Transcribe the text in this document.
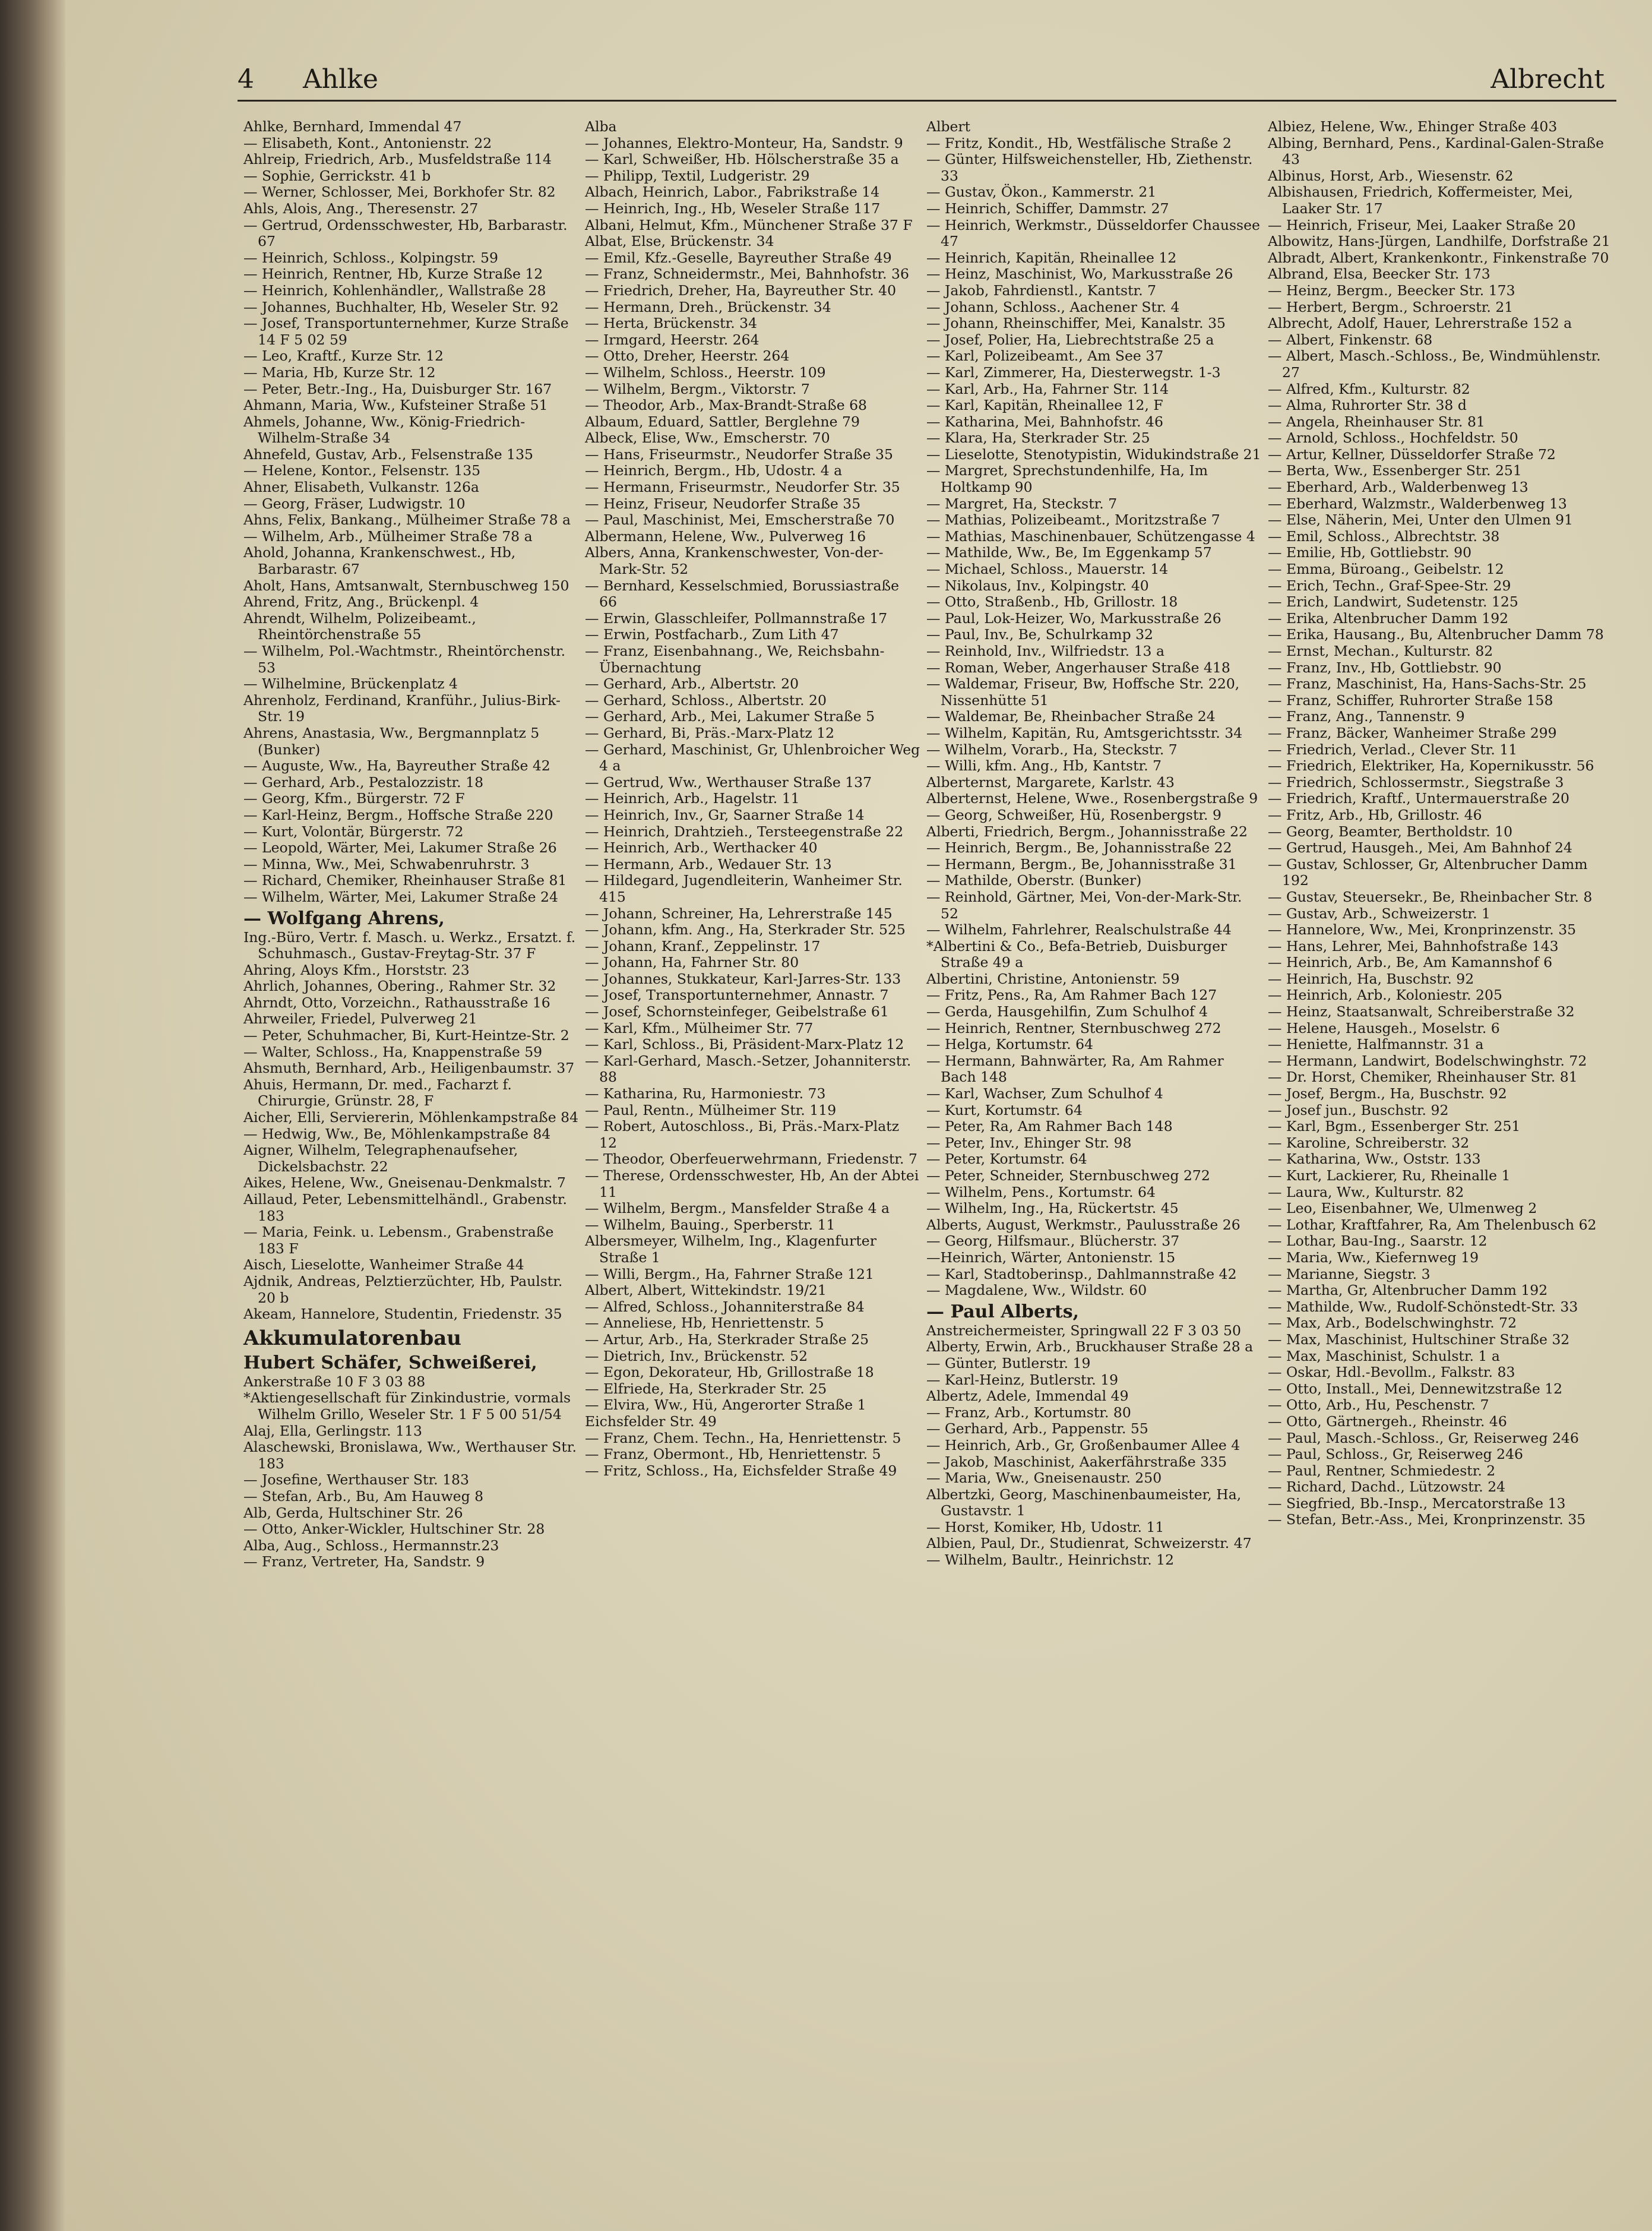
4 Ahlke	Albrecht

Ahlke, Bernhard, Immendal 47

— Elisabeth, Kont., Antonienstr. 22

Ahlreip, Friedrich, Arb., Musfeldstraße 114

— Sophie, Gerrickstr. 41 b

— Werner, Schlosser, Mei, Borkhofer Str. 82

Ahls, Alois, Ang., Theresenstr. 27

— Gertrud, Ordensschwester, Hb, Barbarastr. 67

— Heinrich, Schloss., Kolpingstr. 59

— Heinrich, Rentner, Hb, Kurze Straße 12

— Heinrich, Kohlenhändler,, Wallstraße 28

— Johannes, Buchhalter, Hb, Weseler Str. 92

— Josef, Transportunternehmer, Kurze Straße 14 F 5 02 59

— Leo, Kraftf., Kurze Str. 12

— Maria, Hb, Kurze Str. 12

— Peter, Betr.-Ing., Ha, Duisburger Str. 167

Ahmann, Maria, Ww., Kufsteiner Straße 51

Ahmels, Johanne, Ww., König-Friedrich-Wilhelm-Straße 34

Ahnefeld, Gustav, Arb., Felsenstraße 135

— Helene, Kontor., Felsenstr. 135

Ahner, Elisabeth, Vulkanstr. 126a

— Georg, Fräser, Ludwigstr. 10

Ahns, Felix, Bankang., Mülheimer Straße 78 a

— Wilhelm, Arb., Mülheimer Straße 78 a

Ahold, Johanna, Krankenschwest., Hb, Barbarastr. 67

Aholt, Hans, Amtsanwalt, Sternbuschweg 150

Ahrend, Fritz, Ang., Brückenpl. 4

Ahrendt, Wilhelm, Polizeibeamt., Rheintörchenstraße 55

— Wilhelm, Pol.-Wachtmstr., Rheintörchenstr. 53

— Wilhelmine, Brückenplatz 4

Ahrenholz, Ferdinand, Kranführ., Julius-Birk-Str. 19

Ahrens, Anastasia, Ww., Bergmannplatz 5 (Bunker)

— Auguste, Ww., Ha, Bayreuther Straße 42

— Gerhard, Arb., Pestalozzistr. 18

— Georg, Kfm., Bürgerstr. 72 F

— Karl-Heinz, Bergm., Hoffsche Straße 220

— Kurt, Volontär, Bürgerstr. 72

— Leopold, Wärter, Mei, Lakumer Straße 26

— Minna, Ww., Mei, Schwabenruhrstr. 3

— Richard, Chemiker, Rheinhauser Straße 81

— Wilhelm, Wärter, Mei, Lakumer Straße 24

— Wolfgang Ahrens,

Ing.-Büro, Vertr. f. Masch. u. Werkz., Ersatzt. f. Schuhmasch., Gustav-Freytag-Str. 37 F

Ahring, Aloys Kfm., Horststr. 23

Ahrlich, Johannes, Obering., Rahmer Str. 32

Ahrndt, Otto, Vorzeichn., Rathausstraße 16

Ahrweiler, Friedel, Pulverweg 21

— Peter, Schuhmacher, Bi, Kurt-Heintze-Str. 2

— Walter, Schloss., Ha, Knappenstraße 59

Ahsmuth, Bernhard, Arb., Heiligenbaumstr. 37

Ahuis, Hermann, Dr. med., Facharzt f. Chirurgie, Grünstr. 28, F

Aicher, Elli, Serviererin, Möhlenkampstraße 84

— Hedwig, Ww., Be, Möhlenkampstraße 84

Aigner, Wilhelm, Telegraphenaufseher, Dickelsbachstr. 22

Aikes, Helene, Ww., Gneisenau-Denkmalstr. 7

Aillaud, Peter, Lebensmittelhändl., Grabenstr. 183

— Maria, Feink. u. Lebensm., Grabenstraße 183 F

Aisch, Lieselotte, Wanheimer Straße 44

Ajdnik, Andreas, Pelztierzüchter, Hb, Paulstr. 20 b

Akeam, Hannelore, Studentin, Friedenstr. 35

Akkumulatorenbau

Hubert Schäfer, Schweißerei,

Ankerstraße 10 F 3 03 88

*Aktiengesellschaft für Zinkindustrie, vormals Wilhelm Grillo, Weseler Str. 1 F 5 00 51/54

Alaj, Ella, Gerlingstr. 113

Alaschewski, Bronislawa, Ww., Werthauser Str. 183

— Josefine, Werthauser Str. 183

— Stefan, Arb., Bu, Am Hauweg 8

Alb, Gerda, Hultschiner Str. 26

— Otto, Anker-Wickler, Hultschiner Str. 28

Alba, Aug., Schloss., Hermannstr.23

— Franz, Vertreter, Ha, Sandstr. 9

Alba

— Johannes, Elektro-Monteur, Ha, Sandstr. 9

— Karl, Schweißer, Hb. Hölscherstraße 35 a

— Philipp, Textil, Ludgeristr. 29

Albach, Heinrich, Labor., Fabrikstraße 14

— Heinrich, Ing., Hb, Weseler Straße 117

Albani, Helmut, Kfm., Münchener Straße 37 F

Albat, Else, Brückenstr. 34

— Emil, Kfz.-Geselle, Bayreuther Straße 49

— Franz, Schneidermstr., Mei, Bahnhofstr. 36

— Friedrich, Dreher, Ha, Bayreuther Str. 40

— Hermann, Dreh., Brückenstr. 34

— Herta, Brückenstr. 34

— Irmgard, Heerstr. 264

— Otto, Dreher, Heerstr. 264

— Wilhelm, Schloss., Heerstr. 109

— Wilhelm, Bergm., Viktorstr. 7

— Theodor, Arb., Max-Brandt-Straße 68

Albaum, Eduard, Sattler, Berglehne 79

Albeck, Elise, Ww., Emscherstr. 70

— Hans, Friseurmstr., Neudorfer Straße 35

— Heinrich, Bergm., Hb, Udostr. 4 a

— Hermann, Friseurmstr., Neudorfer Str. 35

— Heinz, Friseur, Neudorfer Straße 35

— Paul, Maschinist, Mei, Emscherstraße 70

Albermann, Helene, Ww., Pulverweg 16

Albers, Anna, Krankenschwester, Von-der-Mark-Str. 52

— Bernhard, Kesselschmied, Borussiastraße 66

— Erwin, Glasschleifer, Pollmannstraße 17

— Erwin, Postfacharb., Zum Lith 47

— Franz, Eisenbahnang., We, Reichsbahn-Übernachtung

— Gerhard, Arb., Albertstr. 20

— Gerhard, Schloss., Albertstr. 20

— Gerhard, Arb., Mei, Lakumer Straße 5

— Gerhard, Bi, Präs.-Marx-Platz 12

— Gerhard, Maschinist, Gr, Uhlenbroicher Weg 4 a

— Gertrud, Ww., Werthauser Straße 137

— Heinrich, Arb., Hagelstr. 11

— Heinrich, Inv., Gr, Saarner Straße 14

— Heinrich, Drahtzieh., Tersteegenstraße 22

— Heinrich, Arb., Werthacker 40

— Hermann, Arb., Wedauer Str. 13

— Hildegard, Jugendleiterin, Wanheimer Str. 415

— Johann, Schreiner, Ha, Lehrerstraße 145

— Johann, kfm. Ang., Ha, Sterkrader Str. 525

— Johann, Kranf., Zeppelinstr. 17

— Johann, Ha, Fahrner Str. 80

— Johannes, Stukkateur, Karl-Jarres-Str. 133

— Josef, Transportunternehmer, Annastr. 7

— Josef, Schornsteinfeger, Geibelstraße 61

— Karl, Kfm., Mülheimer Str. 77

— Karl, Schloss., Bi, Präsident-Marx-Platz 12

— Karl-Gerhard, Masch.-Setzer, Johanniterstr. 88

— Katharina, Ru, Harmoniestr. 73

— Paul, Rentn., Mülheimer Str. 119

— Robert, Autoschloss., Bi, Präs.-Marx-Platz 12

— Theodor, Oberfeuerwehrmann, Friedenstr. 7

— Therese, Ordensschwester, Hb, An der Abtei 11

— Wilhelm, Bergm., Mansfelder Straße 4 a

— Wilhelm, Bauing., Sperberstr. 11

Albersmeyer, Wilhelm, Ing., Klagenfurter Straße 1

— Willi, Bergm., Ha, Fahrner Straße 121

Albert, Albert, Wittekindstr. 19/21

— Alfred, Schloss., Johanniterstraße 84

— Anneliese, Hb, Henriettenstr. 5

— Artur, Arb., Ha, Sterkrader Straße 25

— Dietrich, Inv., Brückenstr. 52

— Egon, Dekorateur, Hb, Grillostraße 18

— Elfriede, Ha, Sterkrader Str. 25

— Elvira, Ww., Hü, Angerorter Straße 1

Eichsfelder Str. 49

— Franz, Chem. Techn., Ha, Henriettenstr. 5

— Franz, Obermont., Hb, Henriettenstr. 5

— Fritz, Schloss., Ha, Eichsfelder Straße 49

Albert

— Fritz, Kondit., Hb, Westfälische Straße 2

— Günter, Hilfsweichensteller, Hb, Ziethenstr. 33

— Gustav, Ökon., Kammerstr. 21

— Heinrich, Schiffer, Dammstr. 27

— Heinrich, Werkmstr., Düsseldorfer Chaussee 47

— Heinrich, Kapitän, Rheinallee 12

— Heinz, Maschinist, Wo, Markusstraße 26

— Jakob, Fahrdienstl., Kantstr. 7

— Johann, Schloss., Aachener Str. 4

— Johann, Rheinschiffer, Mei, Kanalstr. 35

— Josef, Polier, Ha, Liebrechtstraße 25 a

— Karl, Polizeibeamt., Am See 37

— Karl, Zimmerer, Ha, Diesterwegstr. 1-3

— Karl, Arb., Ha, Fahrner Str. 114

— Karl, Kapitän, Rheinallee 12, F

— Katharina, Mei, Bahnhofstr. 46

— Klara, Ha, Sterkrader Str. 25

— Lieselotte, Stenotypistin, Widukindstraße 21

— Margret, Sprechstundenhilfe, Ha, Im Holtkamp 90

— Margret, Ha, Steckstr. 7

— Mathias, Polizeibeamt., Moritzstraße 7

— Mathias, Maschinenbauer, Schützengasse 4

— Mathilde, Ww., Be, Im Eggenkamp 57

— Michael, Schloss., Mauerstr. 14

— Nikolaus, Inv., Kolpingstr. 40

— Otto, Straßenb., Hb, Grillostr. 18

— Paul, Lok-Heizer, Wo, Markusstraße 26

— Paul, Inv., Be, Schulrkamp 32

— Reinhold, Inv., Wilfriedstr. 13 a

— Roman, Weber, Angerhauser Straße 418

— Waldemar, Friseur, Bw, Hoffsche Str. 220, Nissenhütte 51

— Waldemar, Be, Rheinbacher Straße 24

— Wilhelm, Kapitän, Ru, Amtsgerichtsstr. 34

— Wilhelm, Vorarb., Ha, Steckstr. 7

— Willi, kfm. Ang., Hb, Kantstr. 7

Alberternst, Margarete, Karlstr. 43

Alberternst, Helene, Wwe., Rosenbergstraße 9

— Georg, Schweißer, Hü, Rosenbergstr. 9

Alberti, Friedrich, Bergm., Johannisstraße 22

— Heinrich, Bergm., Be, Johannisstraße 22

— Hermann, Bergm., Be, Johannisstraße 31

— Mathilde, Oberstr. (Bunker)

— Reinhold, Gärtner, Mei, Von-der-Mark-Str. 52

— Wilhelm, Fahrlehrer, Realschulstraße 44

*Albertini & Co., Befa-Betrieb, Duisburger Straße 49 a

Albertini, Christine, Antonienstr. 59

— Fritz, Pens., Ra, Am Rahmer Bach 127

— Gerda, Hausgehilfin, Zum Schulhof 4

— Heinrich, Rentner, Sternbuschweg 272

— Helga, Kortumstr. 64

— Hermann, Bahnwärter, Ra, Am Rahmer Bach 148

— Karl, Wachser, Zum Schulhof 4

— Kurt, Kortumstr. 64

— Peter, Ra, Am Rahmer Bach 148

— Peter, Inv., Ehinger Str. 98

— Peter, Kortumstr. 64

— Peter, Schneider, Sternbuschweg 272

— Wilhelm, Pens., Kortumstr. 64

— Wilhelm, Ing., Ha, Rückertstr. 45

Alberts, August, Werkmstr., Paulusstraße 26

— Georg, Hilfsmaur., Blücherstr. 37

—Heinrich, Wärter, Antonienstr. 15

— Karl, Stadtoberinsp., Dahlmannstraße 42

— Magdalene, Ww., Wildstr. 60

— Paul Alberts,

Anstreichermeister, Springwall 22 F 3 03 50

Alberty, Erwin, Arb., Bruckhauser Straße 28 a

— Günter, Butlerstr. 19

— Karl-Heinz, Butlerstr. 19

Albertz, Adele, Immendal 49

— Franz, Arb., Kortumstr. 80

— Gerhard, Arb., Pappenstr. 55

— Heinrich, Arb., Gr, Großenbaumer Allee 4

— Jakob, Maschinist, Aakerfährstraße 335

— Maria, Ww., Gneisenaustr. 250

Albertzki, Georg, Maschinenbaumeister, Ha, Gustavstr. 1

— Horst, Komiker, Hb, Udostr. 11

Albien, Paul, Dr., Studienrat, Schweizerstr. 47

— Wilhelm, Baultr., Heinrichstr. 12

Albiez, Helene, Ww., Ehinger Straße 403

Albing, Bernhard, Pens., Kardinal-Galen-Straße 43

Albinus, Horst, Arb., Wiesenstr. 62

Albishausen, Friedrich, Koffermeister, Mei, Laaker Str. 17

— Heinrich, Friseur, Mei, Laaker Straße 20

Albowitz, Hans-Jürgen, Landhilfe, Dorfstraße 21

Albradt, Albert, Krankenkontr., Finkenstraße 70

Albrand, Elsa, Beecker Str. 173

— Heinz, Bergm., Beecker Str. 173

— Herbert, Bergm., Schroerstr. 21

Albrecht, Adolf, Hauer, Lehrerstraße 152 a

— Albert, Finkenstr. 68

— Albert, Masch.-Schloss., Be, Windmühlenstr. 27

— Alfred, Kfm., Kulturstr. 82

— Alma, Ruhrorter Str. 38 d

— Angela, Rheinhauser Str. 81

— Arnold, Schloss., Hochfeldstr. 50

— Artur, Kellner, Düsseldorfer Straße 72

— Berta, Ww., Essenberger Str. 251

— Eberhard, Arb., Walderbenweg 13

— Eberhard, Walzmstr., Walderbenweg 13

— Else, Näherin, Mei, Unter den Ulmen 91

— Emil, Schloss., Albrechtstr. 38

— Emilie, Hb, Gottliebstr. 90

— Emma, Büroang., Geibelstr. 12

— Erich, Techn., Graf-Spee-Str. 29

— Erich, Landwirt, Sudetenstr. 125

— Erika, Altenbrucher Damm 192

— Erika, Hausang., Bu, Altenbrucher Damm 78

— Ernst, Mechan., Kulturstr. 82

— Franz, Inv., Hb, Gottliebstr. 90

— Franz, Maschinist, Ha, Hans-Sachs-Str. 25

— Franz, Schiffer, Ruhrorter Straße 158

— Franz, Ang., Tannenstr. 9

— Franz, Bäcker, Wanheimer Straße 299

— Friedrich, Verlad., Clever Str. 11

— Friedrich, Elektriker, Ha, Kopernikusstr. 56

— Friedrich, Schlossermstr., Siegstraße 3

— Friedrich, Kraftf., Untermauerstraße 20

— Fritz, Arb., Hb, Grillostr. 46

— Georg, Beamter, Bertholdstr. 10

— Gertrud, Hausgeh., Mei, Am Bahnhof 24

— Gustav, Schlosser, Gr, Altenbrucher Damm 192

— Gustav, Steuersekr., Be, Rheinbacher Str. 8

— Gustav, Arb., Schweizerstr. 1

— Hannelore, Ww., Mei, Kronprinzenstr. 35

— Hans, Lehrer, Mei, Bahnhofstraße 143

— Heinrich, Arb., Be, Am Kamannshof 6

— Heinrich, Ha, Buschstr. 92

— Heinrich, Arb., Koloniestr. 205

— Heinz, Staatsanwalt, Schreiberstraße 32

— Helene, Hausgeh., Moselstr. 6

— Heniette, Halfmannstr. 31 a

— Hermann, Landwirt, Bodelschwinghstr. 72

— Dr. Horst, Chemiker, Rheinhauser Str. 81

— Josef, Bergm., Ha, Buschstr. 92

— Josef jun., Buschstr. 92

— Karl, Bgm., Essenberger Str. 251

— Karoline, Schreiberstr. 32

— Katharina, Ww., Oststr. 133

— Kurt, Lackierer, Ru, Rheinalle 1

— Laura, Ww., Kulturstr. 82

— Leo, Eisenbahner, We, Ulmenweg 2

— Lothar, Kraftfahrer, Ra, Am Thelenbusch 62

— Lothar, Bau-Ing., Saarstr. 12

— Maria, Ww., Kiefernweg 19

— Marianne, Siegstr. 3

— Martha, Gr, Altenbrucher Damm 192

— Mathilde, Ww., Rudolf-Schönstedt-Str. 33

— Max, Arb., Bodelschwinghstr. 72

— Max, Maschinist, Hultschiner Straße 32

— Max, Maschinist, Schulstr. 1 a

— Oskar, Hdl.-Bevollm., Falkstr. 83

— Otto, Install., Mei, Dennewitzstraße 12

— Otto, Arb., Hu, Peschenstr. 7

— Otto, Gärtnergeh., Rheinstr. 46

— Paul, Masch.-Schloss., Gr, Reiserweg 246

— Paul, Schloss., Gr, Reiserweg 246

— Paul, Rentner, Schmiedestr. 2

— Richard, Dachd., Lützowstr. 24

— Siegfried, Bb.-Insp., Mercatorstraße 13

— Stefan, Betr.-Ass., Mei, Kronprinzenstr. 35
